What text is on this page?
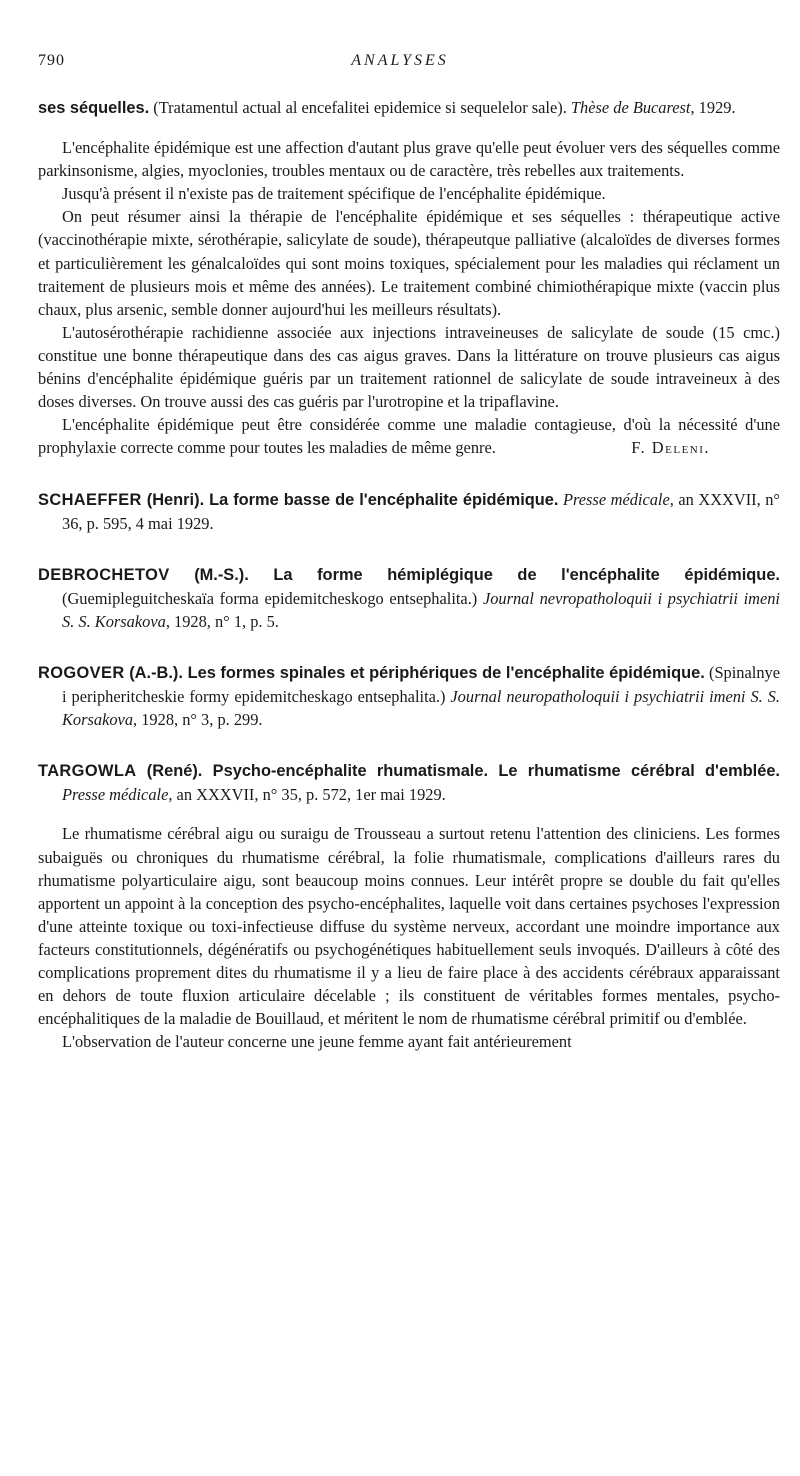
790	ANALYSES

ses séquelles. (Tratamentul actual al encefalitei epidemice si sequelelor sale). Thèse de Bucarest, 1929.

L'encéphalite épidémique est une affection d'autant plus grave qu'elle peut évoluer vers des séquelles comme parkinsonisme, algies, myoclonies, troubles mentaux ou de caractère, très rebelles aux traitements.

Jusqu'à présent il n'existe pas de traitement spécifique de l'encéphalite épidémique.

On peut résumer ainsi la thérapie de l'encéphalite épidémique et ses séquelles : thérapeutique active (vaccinothérapie mixte, sérothérapie, salicylate de soude), thérapeutque palliative (alcaloïdes de diverses formes et particulièrement les génalcaloïdes qui sont moins toxiques, spécialement pour les maladies qui réclament un traitement de plusieurs mois et même des années). Le traitement combiné chimiothérapique mixte (vaccin plus chaux, plus arsenic, semble donner aujourd'hui les meilleurs résultats).

L'autosérothérapie rachidienne associée aux injections intraveineuses de salicylate de soude (15 cmc.) constitue une bonne thérapeutique dans des cas aigus graves. Dans la littérature on trouve plusieurs cas aigus bénins d'encéphalite épidémique guéris par un traitement rationnel de salicylate de soude intraveineux à des doses diverses. On trouve aussi des cas guéris par l'urotropine et la tripaflavine.

L'encéphalite épidémique peut être considérée comme une maladie contagieuse, d'où la nécessité d'une prophylaxie correcte comme pour toutes les maladies de même genre.	F. Deleni.

SCHAEFFER (Henri). La forme basse de l'encéphalite épidémique. Presse médicale, an XXXVII, n° 36, p. 595, 4 mai 1929.

DEBROCHETOV (M.-S.). La forme hémiplégique de l'encéphalite épidémique. (Guemipleguitcheskaïa forma epidemitcheskogo entsephalita.) Journal nevropatholoquii i psychiatrii imeni S. S. Korsakova, 1928, n° 1, p. 5.

ROGOVER (A.-B.). Les formes spinales et périphériques de l'encéphalite épidémique. (Spinalnye i peripheritcheskie formy epidemitcheskago entsephalita.) Journal neuropatholoquii i psychiatrii imeni S. S. Korsakova, 1928, n° 3, p. 299.

TARGOWLA (René). Psycho-encéphalite rhumatismale. Le rhumatisme cérébral d'emblée. Presse médicale, an XXXVII, n° 35, p. 572, 1er mai 1929.

Le rhumatisme cérébral aigu ou suraigu de Trousseau a surtout retenu l'attention des cliniciens. Les formes subaiguës ou chroniques du rhumatisme cérébral, la folie rhumatismale, complications d'ailleurs rares du rhumatisme polyarticulaire aigu, sont beaucoup moins connues. Leur intérêt propre se double du fait qu'elles apportent un appoint à la conception des psycho-encéphalites, laquelle voit dans certaines psychoses l'expression d'une atteinte toxique ou toxi-infectieuse diffuse du système nerveux, accordant une moindre importance aux facteurs constitutionnels, dégénératifs ou psychogénétiques habituellement seuls invoqués. D'ailleurs à côté des complications proprement dites du rhumatisme il y a lieu de faire place à des accidents cérébraux apparaissant en dehors de toute fluxion articulaire décelable ; ils constituent de véritables formes mentales, psycho-encéphalitiques de la maladie de Bouillaud, et méritent le nom de rhumatisme cérébral primitif ou d'emblée.

L'observation de l'auteur concerne une jeune femme ayant fait antérieurement
